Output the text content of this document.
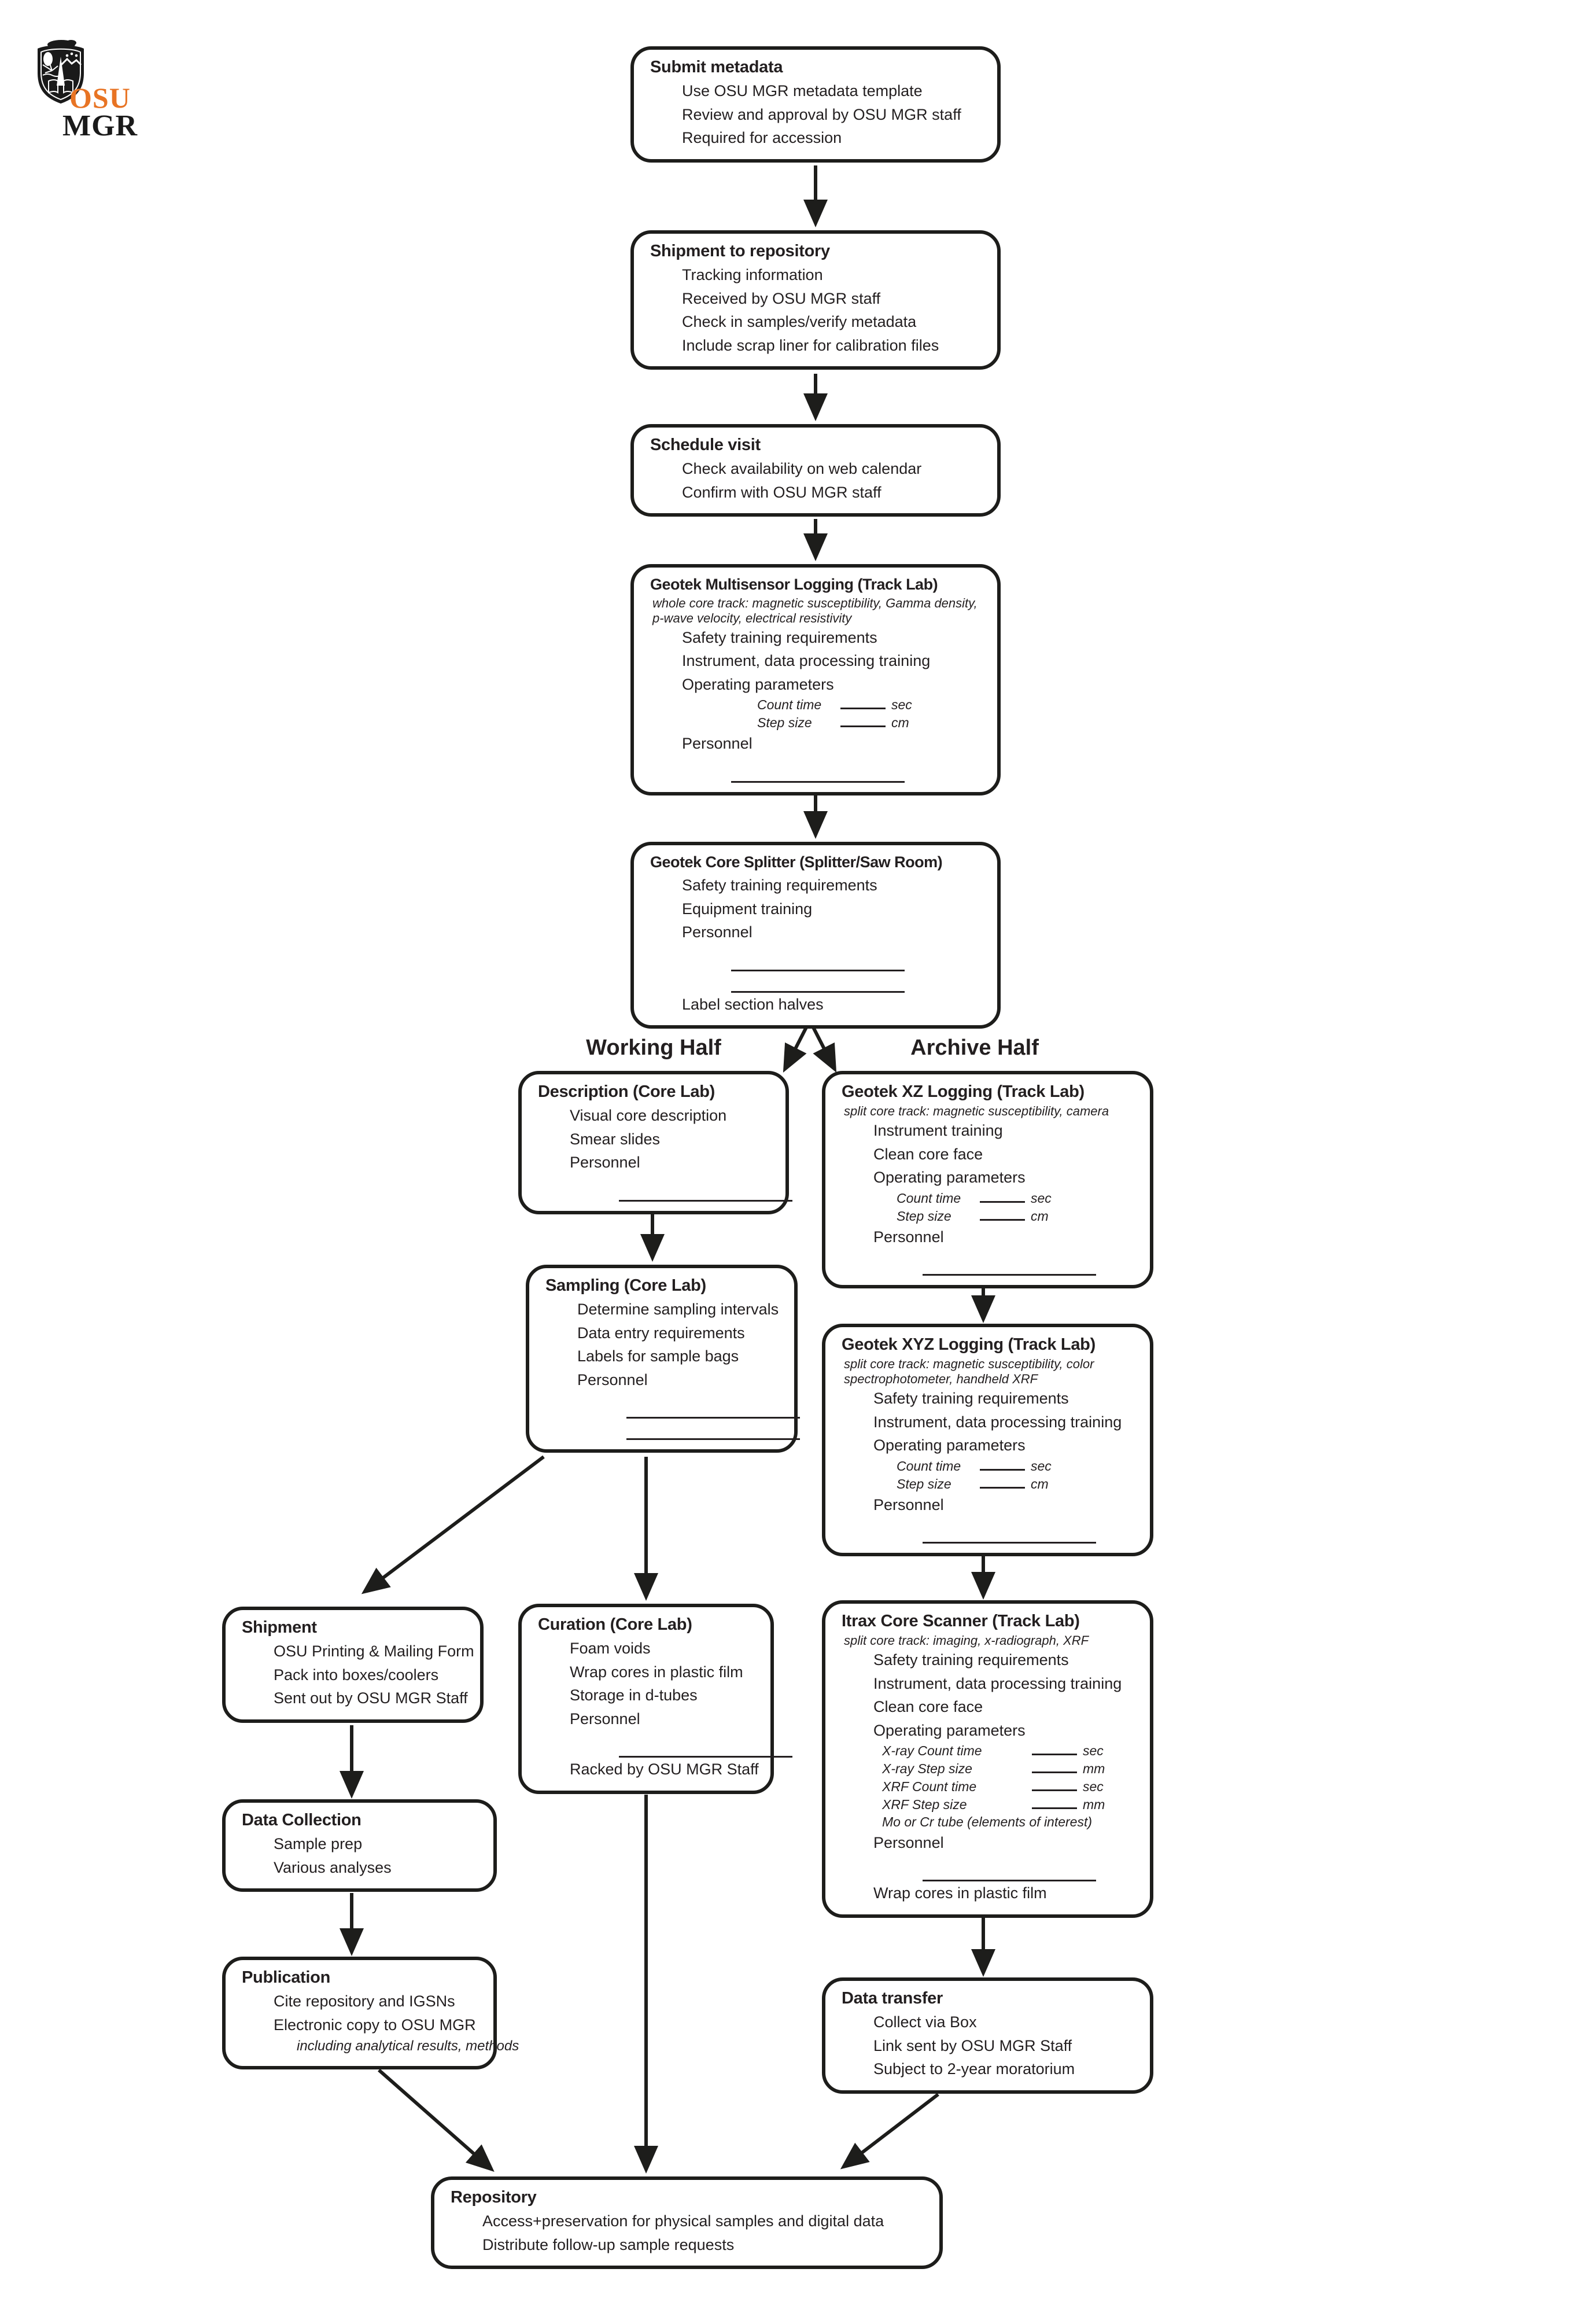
OSU
MGR
Submit metadata
Use OSU MGR metadata template
Review and approval by OSU MGR staff
Required for accession
Shipment to repository
Tracking information
Received by OSU MGR staff
Check in samples/verify metadata
Include scrap liner for calibration files
Schedule visit
Check availability on web calendar
Confirm with OSU MGR staff
Geotek Multisensor Logging (Track Lab)
whole core track: magnetic susceptibility, Gamma density, p-wave velocity, electrical resistivity
Safety training requirements
Instrument, data processing training
Operating parameters
Count time	sec
Step size	cm
Personnel
Geotek Core Splitter (Splitter/Saw Room)
Safety training requirements
Equipment training
Personnel
Label section halves
Working Half	Archive Half
Description (Core Lab)
Visual core description
Smear slides
Personnel
Geotek XZ Logging (Track Lab)
split core track: magnetic susceptibility, camera
Instrument training
Clean core face
Operating parameters
Count time	sec
Step size	cm
Personnel
Sampling (Core Lab)
Determine sampling intervals
Data entry requirements
Labels for sample bags
Personnel
Geotek XYZ Logging (Track Lab)
split core track: magnetic susceptibility, color spectrophotometer, handheld XRF
Safety training requirements
Instrument, data processing training
Operating parameters
Count time	sec
Step size	cm
Personnel
Shipment
OSU Printing & Mailing Form
Pack into boxes/coolers
Sent out by OSU MGR Staff
Curation (Core Lab)
Foam voids
Wrap cores in plastic film
Storage in d-tubes
Personnel
Racked by OSU MGR Staff
Itrax Core Scanner (Track Lab)
split core track: imaging, x-radiograph, XRF
Safety training requirements
Instrument, data processing training
Clean core face
Operating parameters
X-ray Count time	sec
X-ray Step size	mm
XRF Count time	sec
XRF Step size	mm
Mo or Cr tube (elements of interest)
Personnel
Wrap cores in plastic film
Data Collection
Sample prep
Various analyses
Publication
Cite repository and IGSNs
Electronic copy to OSU MGR
including analytical results, methods
Data transfer
Collect via Box
Link sent by OSU MGR Staff
Subject to 2-year moratorium
Repository
Access+preservation for physical samples and digital data
Distribute follow-up sample requests
